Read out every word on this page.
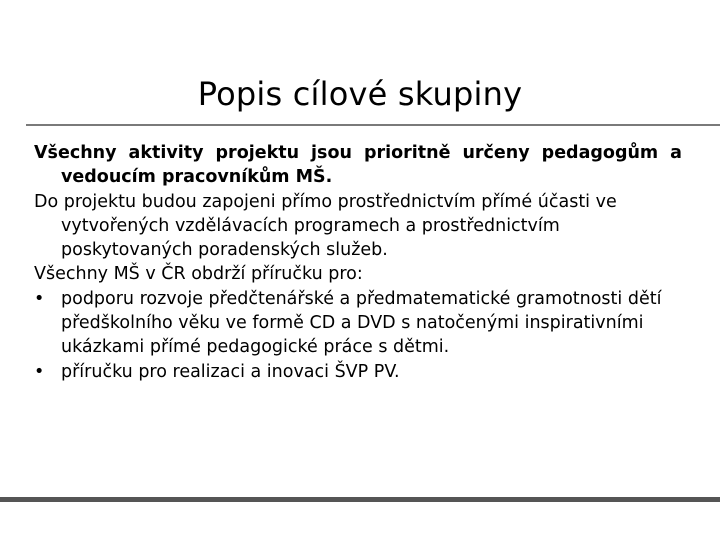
Popis cílové skupiny

Všechny aktivity projektu jsou prioritně určeny pedagogům a vedoucím pracovníkům MŠ.

Do projektu budou zapojeni přímo prostřednictvím přímé účasti ve vytvořených vzdělávacích programech a prostřednictvím poskytovaných poradenských služeb.

Všechny MŠ v ČR obdrží příručku pro:

• podporu rozvoje předčtenářské a předmatematické gramotnosti dětí předškolního věku ve formě CD a DVD s natočenými inspirativními ukázkami přímé pedagogické práce s dětmi.
• příručku pro realizaci a inovaci ŠVP PV.
